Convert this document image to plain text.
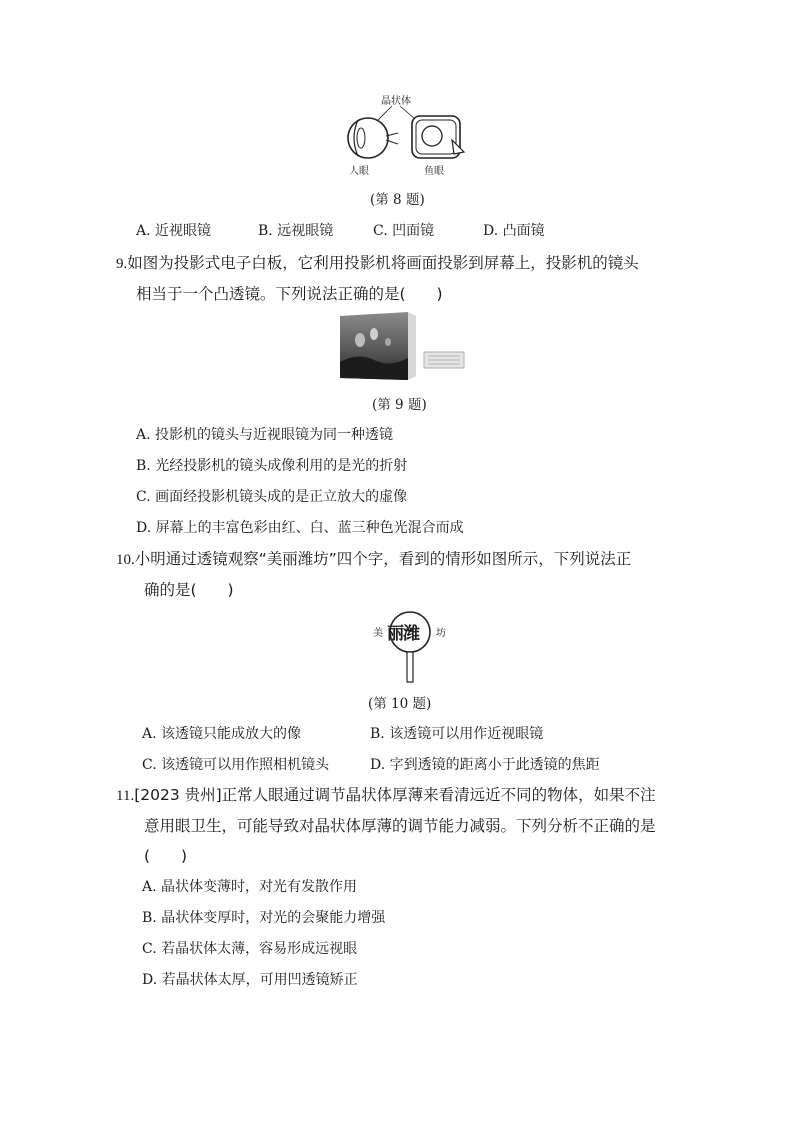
晶状体
人眼	鱼眼
(第 8 题)
A. 近视眼镜	B. 远视眼镜	C. 凹面镜	D. 凸面镜
9.如图为投影式电子白板，它利用投影机将画面投影到屏幕上，投影机的镜头
相当于一个凸透镜。下列说法正确的是(　　)
(第 9 题)
A. 投影机的镜头与近视眼镜为同一种透镜
B. 光经投影机的镜头成像利用的是光的折射
C. 画面经投影机镜头成的是正立放大的虚像
D. 屏幕上的丰富色彩由红、白、蓝三种色光混合而成
10.小明通过透镜观察“美丽潍坊”四个字，看到的情形如图所示，下列说法正
确的是(　　)
美 丽潍 坊
(第 10 题)
A. 该透镜只能成放大的像	B. 该透镜可以用作近视眼镜
C. 该透镜可以用作照相机镜头	D. 字到透镜的距离小于此透镜的焦距
11.[2023 贵州]正常人眼通过调节晶状体厚薄来看清远近不同的物体，如果不注
意用眼卫生，可能导致对晶状体厚薄的调节能力减弱。下列分析不正确的是
(　　)
A. 晶状体变薄时，对光有发散作用
B. 晶状体变厚时，对光的会聚能力增强
C. 若晶状体太薄，容易形成远视眼
D. 若晶状体太厚，可用凹透镜矫正
